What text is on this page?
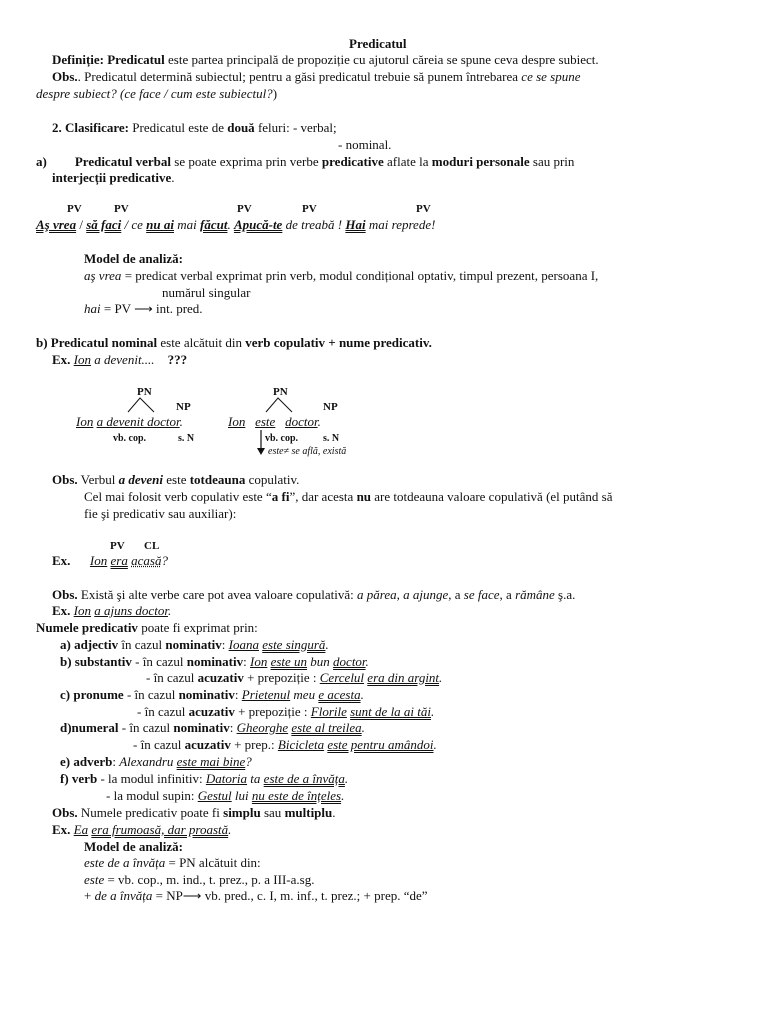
Predicatul
Definiție: Predicatul este partea principală de propoziție cu ajutorul căreia se spune ceva despre subiect.
Obs.. Predicatul determină subiectul; pentru a găsi predicatul trebuie să punem întrebarea ce se spune
despre subiect? (ce face / cum este subiectul?)
2. Clasificare: Predicatul este de două feluri: - verbal;
- nominal.
a) Predicatul verbal se poate exprima prin verbe predicative aflate la moduri personale sau prin
interjecții predicative.
PV	PV	PV	PV	PV
Aş vrea / să faci / ce nu ai mai făcut. Apucă-te de treabă ! Hai mai reprede!
Model de analiză:
aş vrea = predicat verbal exprimat prin verb, modul condițional optativ, timpul prezent, persoana I,
numărul singular
hai = PV ⟶ int. pred.
b) Predicatul nominal este alcătuit din verb copulativ + nume predicativ.
Ex. Ion a devenit.... ???
PN
NP
Ion a devenit doctor.
vb. cop.	s. N
PN
NP
Ion este doctor.
vb. cop. s. N
este≠ se află, există
Obs. Verbul a deveni este totdeauna copulativ.
Cel mai folosit verb copulativ este “a fi”, dar acesta nu are totdeauna valoare copulativă (el putând să
fie şi predicativ sau auxiliar):
PV CL
Ex. Ion era acasă?
Obs. Există şi alte verbe care pot avea valoare copulativă: a părea, a ajunge, a se face, a rămâne ş.a.
Ex. Ion a ajuns doctor.
Numele predicativ poate fi exprimat prin:
a) adjectiv în cazul nominativ: Ioana este singură.
b) substantiv - în cazul nominativ: Ion este un bun doctor.
- în cazul acuzativ + prepoziție : Cercelul era din argint.
c) pronume - în cazul nominativ: Prietenul meu e acesta.
- în cazul acuzativ + prepoziție : Florile sunt de la ai tăi.
d)numeral - în cazul nominativ: Gheorghe este al treilea.
- în cazul acuzativ + prep.: Bicicleta este pentru amândoi.
e) adverb: Alexandru este mai bine?
f) verb - la modul infinitiv: Datoria ta este de a învăța.
- la modul supin: Gestul lui nu este de înțeles.
Obs. Numele predicativ poate fi simplu sau multiplu.
Ex. Ea era frumoasă, dar proastă.
Model de analiză:
este de a învăța = PN alcătuit din:
este = vb. cop., m. ind., t. prez., p. a III-a.sg.
+ de a învăța = NP⟶ vb. pred., c. I, m. inf., t. prez.; + prep. “de”
